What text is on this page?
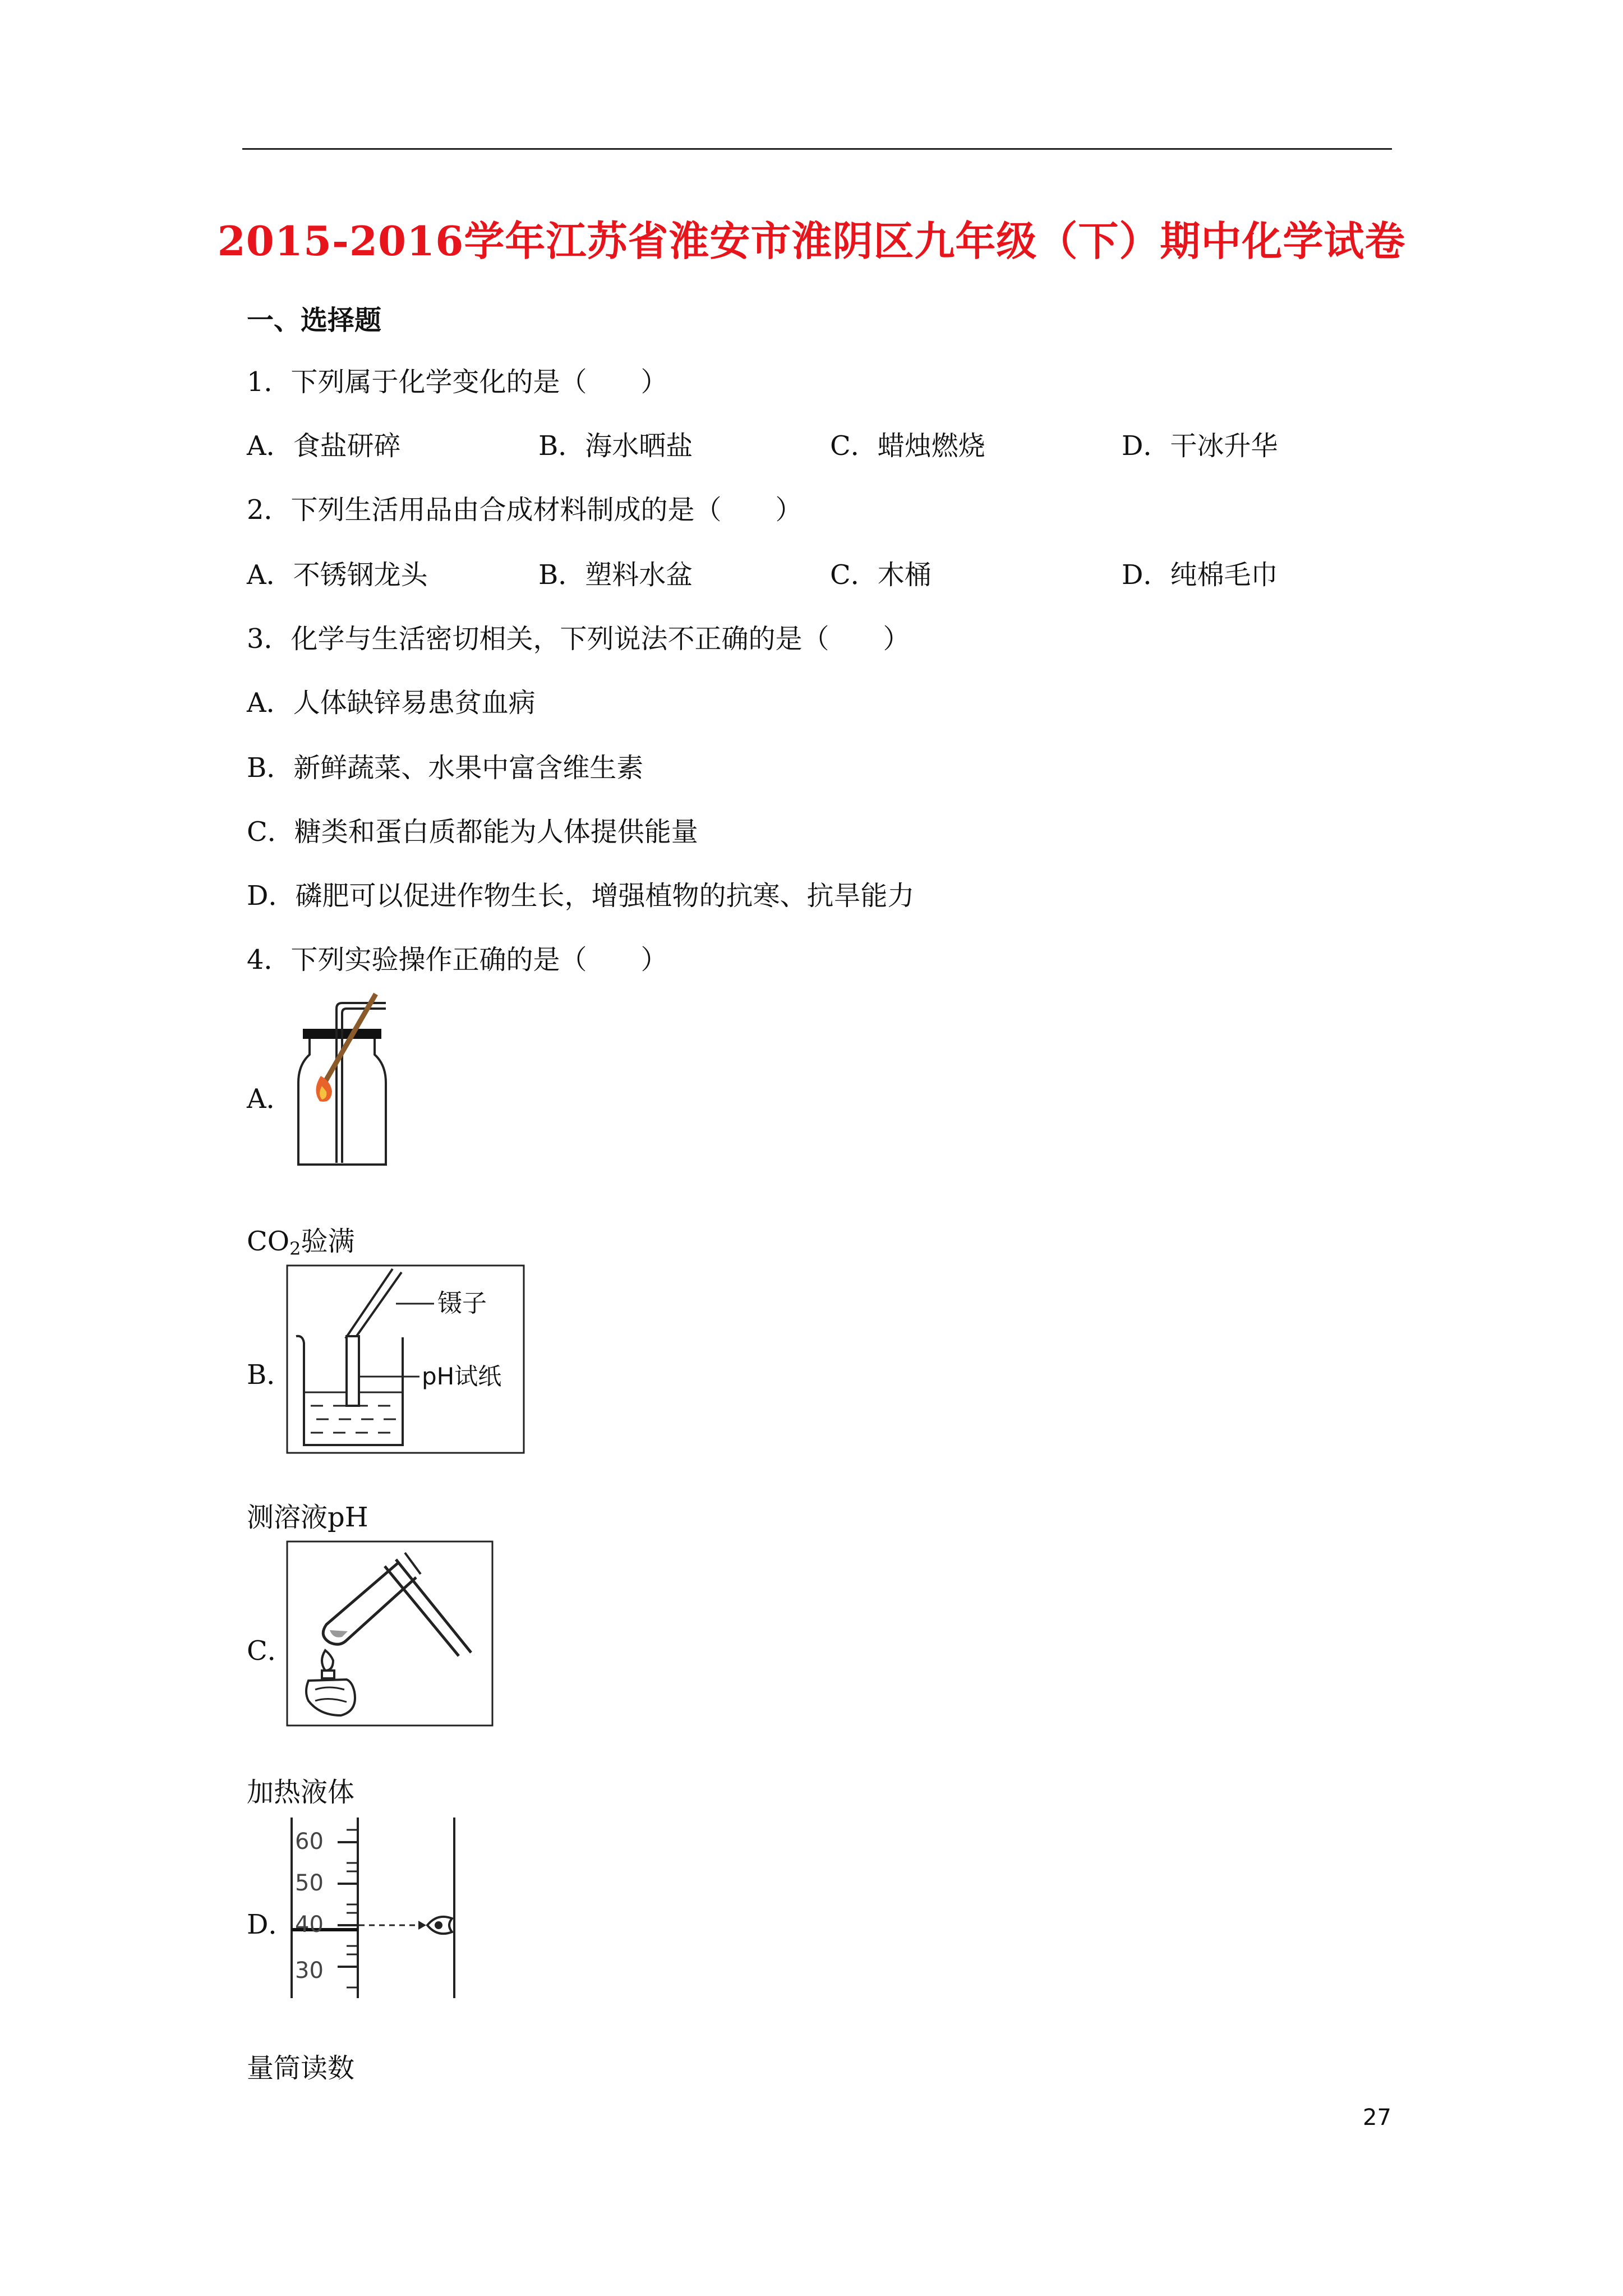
2015-2016学年江苏省淮安市淮阴区九年级（下）期中化学试卷
一、选择题
1．下列属于化学变化的是（　　）
A．食盐研碎	B．海水晒盐	C．蜡烛燃烧	D．干冰升华
2．下列生活用品由合成材料制成的是（　　）
A．不锈钢龙头	B．塑料水盆	C．木桶	D．纯棉毛巾
3．化学与生活密切相关，下列说法不正确的是（　　）
A．人体缺锌易患贫血病
B．新鲜蔬菜、水果中富含维生素
C．糖类和蛋白质都能为人体提供能量
D．磷肥可以促进作物生长，增强植物的抗寒、抗旱能力
4．下列实验操作正确的是（　　）
A．
$CO_2$验满
B．
镊子
pH试纸
测溶液pH
C．
加热液体
D．
60
50
40
30
量筒读数
27
